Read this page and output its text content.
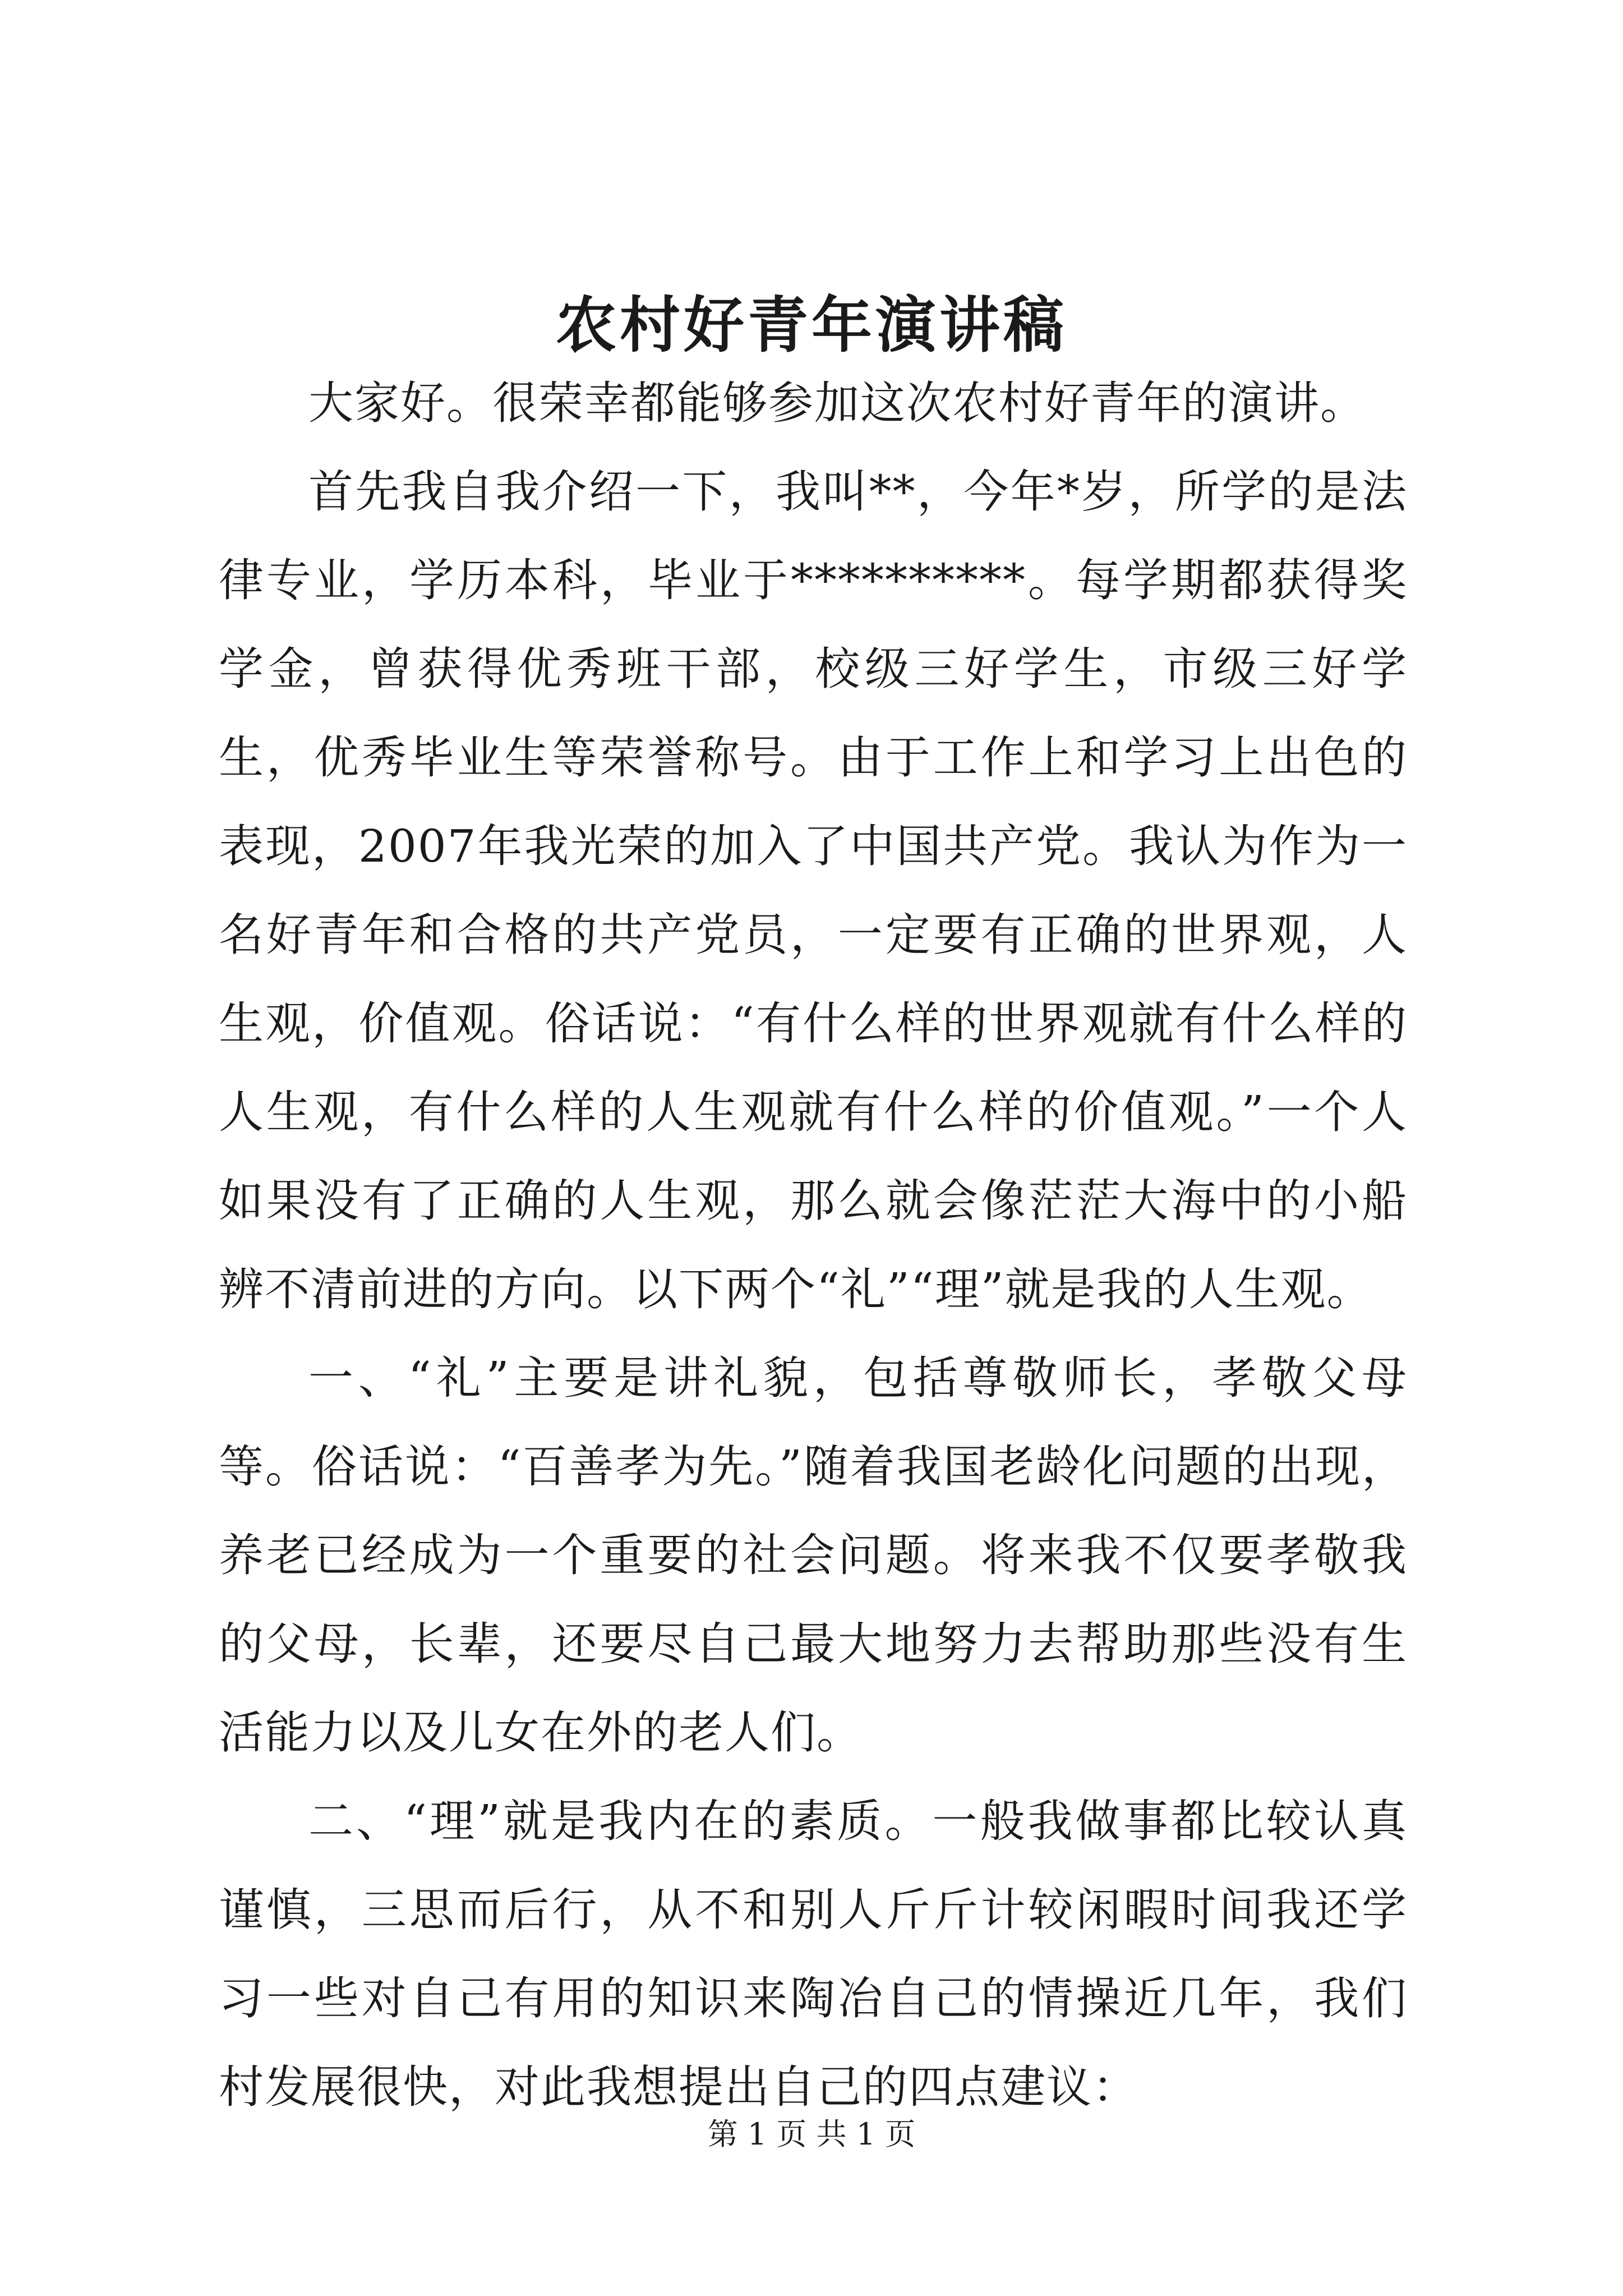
农村好青年演讲稿

大家好。很荣幸都能够参加这次农村好青年的演讲。

首先我自我介绍一下，我叫**，今年*岁，所学的是法律专业，学历本科，毕业于**********。每学期都获得奖学金，曾获得优秀班干部，校级三好学生，市级三好学生，优秀毕业生等荣誉称号。由于工作上和学习上出色的表现，2007年我光荣的加入了中国共产党。我认为作为一名好青年和合格的共产党员，一定要有正确的世界观，人生观，价值观。俗话说：“有什么样的世界观就有什么样的人生观，有什么样的人生观就有什么样的价值观。”一个人如果没有了正确的人生观，那么就会像茫茫大海中的小船辨不清前进的方向。以下两个“礼”“理”就是我的人生观。

一、“礼”主要是讲礼貌，包括尊敬师长，孝敬父母等。俗话说：“百善孝为先。”随着我国老龄化问题的出现，养老已经成为一个重要的社会问题。将来我不仅要孝敬我的父母，长辈，还要尽自己最大地努力去帮助那些没有生活能力以及儿女在外的老人们。

二、“理”就是我内在的素质。一般我做事都比较认真谨慎，三思而后行，从不和别人斤斤计较闲暇时间我还学习一些对自己有用的知识来陶冶自己的情操近几年，我们村发展很快，对此我想提出自己的四点建议：

第 1 页 共 1 页
